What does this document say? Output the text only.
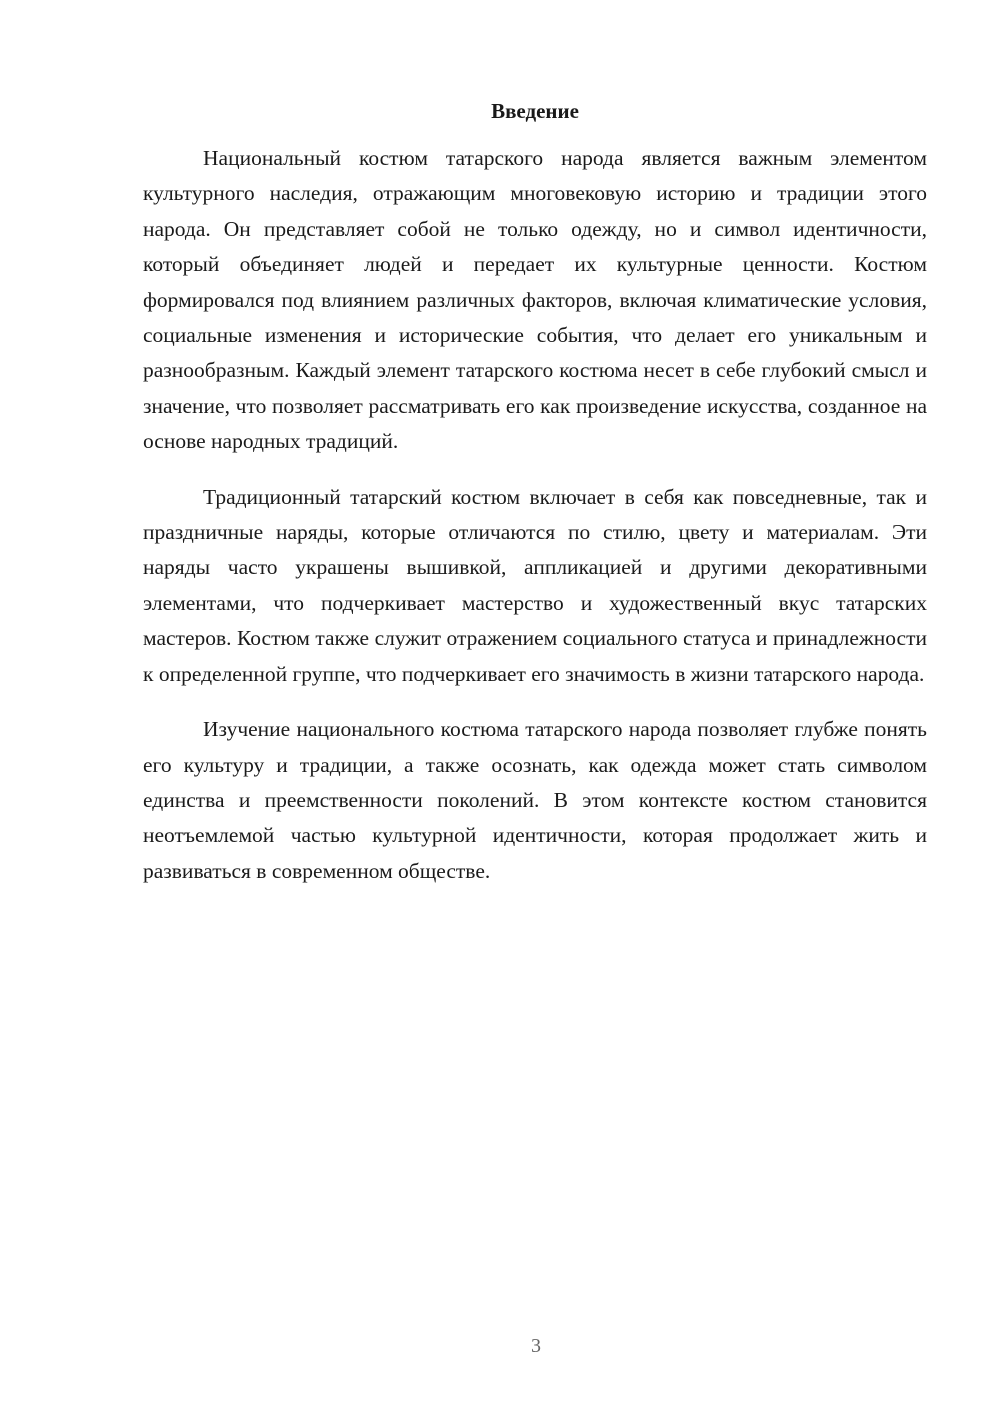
Введение

Национальный костюм татарского народа является важным элементом культурного наследия, отражающим многовековую историю и традиции этого народа. Он представляет собой не только одежду, но и символ идентичности, который объединяет людей и передает их культурные ценности. Костюм формировался под влиянием различных факторов, включая климатические условия, социальные изменения и исторические события, что делает его уникальным и разнообразным. Каждый элемент татарского костюма несет в себе глубокий смысл и значение, что позволяет рассматривать его как произведение искусства, созданное на основе народных традиций.

Традиционный татарский костюм включает в себя как повседневные, так и праздничные наряды, которые отличаются по стилю, цвету и материалам. Эти наряды часто украшены вышивкой, аппликацией и другими декоративными элементами, что подчеркивает мастерство и художественный вкус татарских мастеров. Костюм также служит отражением социального статуса и принадлежности к определенной группе, что подчеркивает его значимость в жизни татарского народа.

Изучение национального костюма татарского народа позволяет глубже понять его культуру и традиции, а также осознать, как одежда может стать символом единства и преемственности поколений. В этом контексте костюм становится неотъемлемой частью культурной идентичности, которая продолжает жить и развиваться в современном обществе.

3
